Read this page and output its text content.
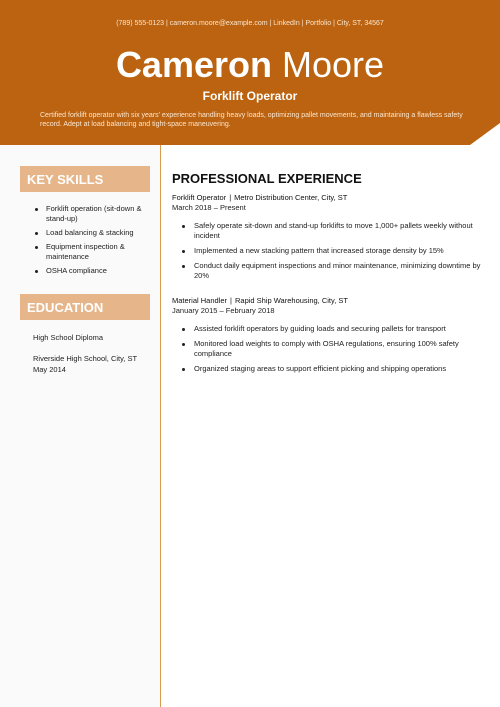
(789) 555-0123 | cameron.moore@example.com | LinkedIn | Portfolio | City, ST, 34567
Cameron Moore
Forklift Operator
Certified forklift operator with six years' experience handling heavy loads, optimizing pallet movements, and maintaining a flawless safety record. Adept at load balancing and tight-space maneuvering.
KEY SKILLS
Forklift operation (sit-down & stand-up)
Load balancing & stacking
Equipment inspection & maintenance
OSHA compliance
EDUCATION
High School Diploma
Riverside High School, City, ST
May 2014
PROFESSIONAL EXPERIENCE
Forklift Operator | Metro Distribution Center, City, ST
March 2018 – Present
Safely operate sit-down and stand-up forklifts to move 1,000+ pallets weekly without incident
Implemented a new stacking pattern that increased storage density by 15%
Conduct daily equipment inspections and minor maintenance, minimizing downtime by 20%
Material Handler | Rapid Ship Warehousing, City, ST
January 2015 – February 2018
Assisted forklift operators by guiding loads and securing pallets for transport
Monitored load weights to comply with OSHA regulations, ensuring 100% safety compliance
Organized staging areas to support efficient picking and shipping operations
